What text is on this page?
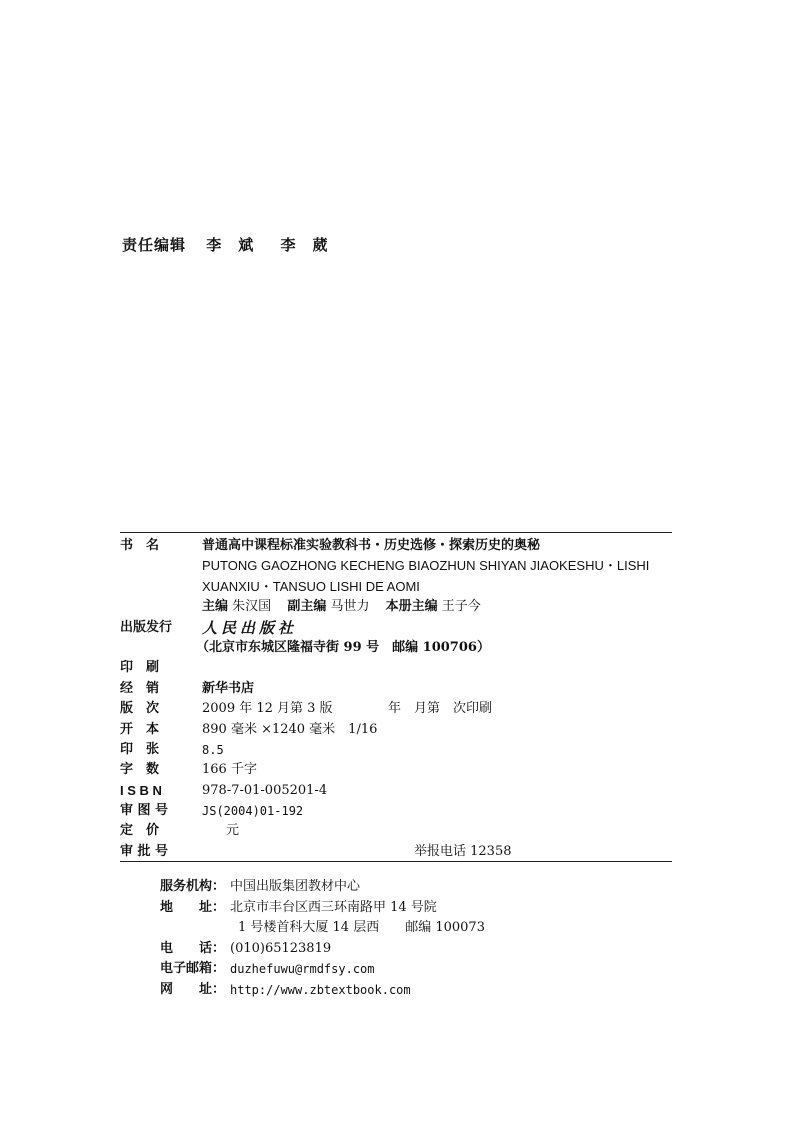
责任编辑 李　斌 李　葳
书　名	普通高中课程标准实验教科书・历史选修・探索历史的奥秘
PUTONG GAOZHONG KECHENG BIAOZHUN SHIYAN JIAOKESHU・LISHI
XUANXIU・TANSUO LISHI DE AOMI
主编 朱汉国 副主编 马世力 本册主编 王子今
出版发行	人民出版社
（北京市东城区隆福寺街 99 号　邮编 100706）
印　刷
经　销	新华书店
版　次	2009 年 12 月第 3 版	年　月第　次印刷
开　本	890 毫米 ×1240 毫米　1/16
印　张	8.5
字　数	166 千字
I S B N	978-7-01-005201-4
审 图 号	JS(2004)01-192
定　价	元
审 批 号	举报电话 12358
服务机构： 中国出版集团教材中心
地　　址： 北京市丰台区西三环南路甲 14 号院
1 号楼首科大厦 14 层西　　邮编 100073
电　　话： (010)65123819
电子邮箱： duzhefuwu@rmdfsy.com
网　　址： http://www.zbtextbook.com
